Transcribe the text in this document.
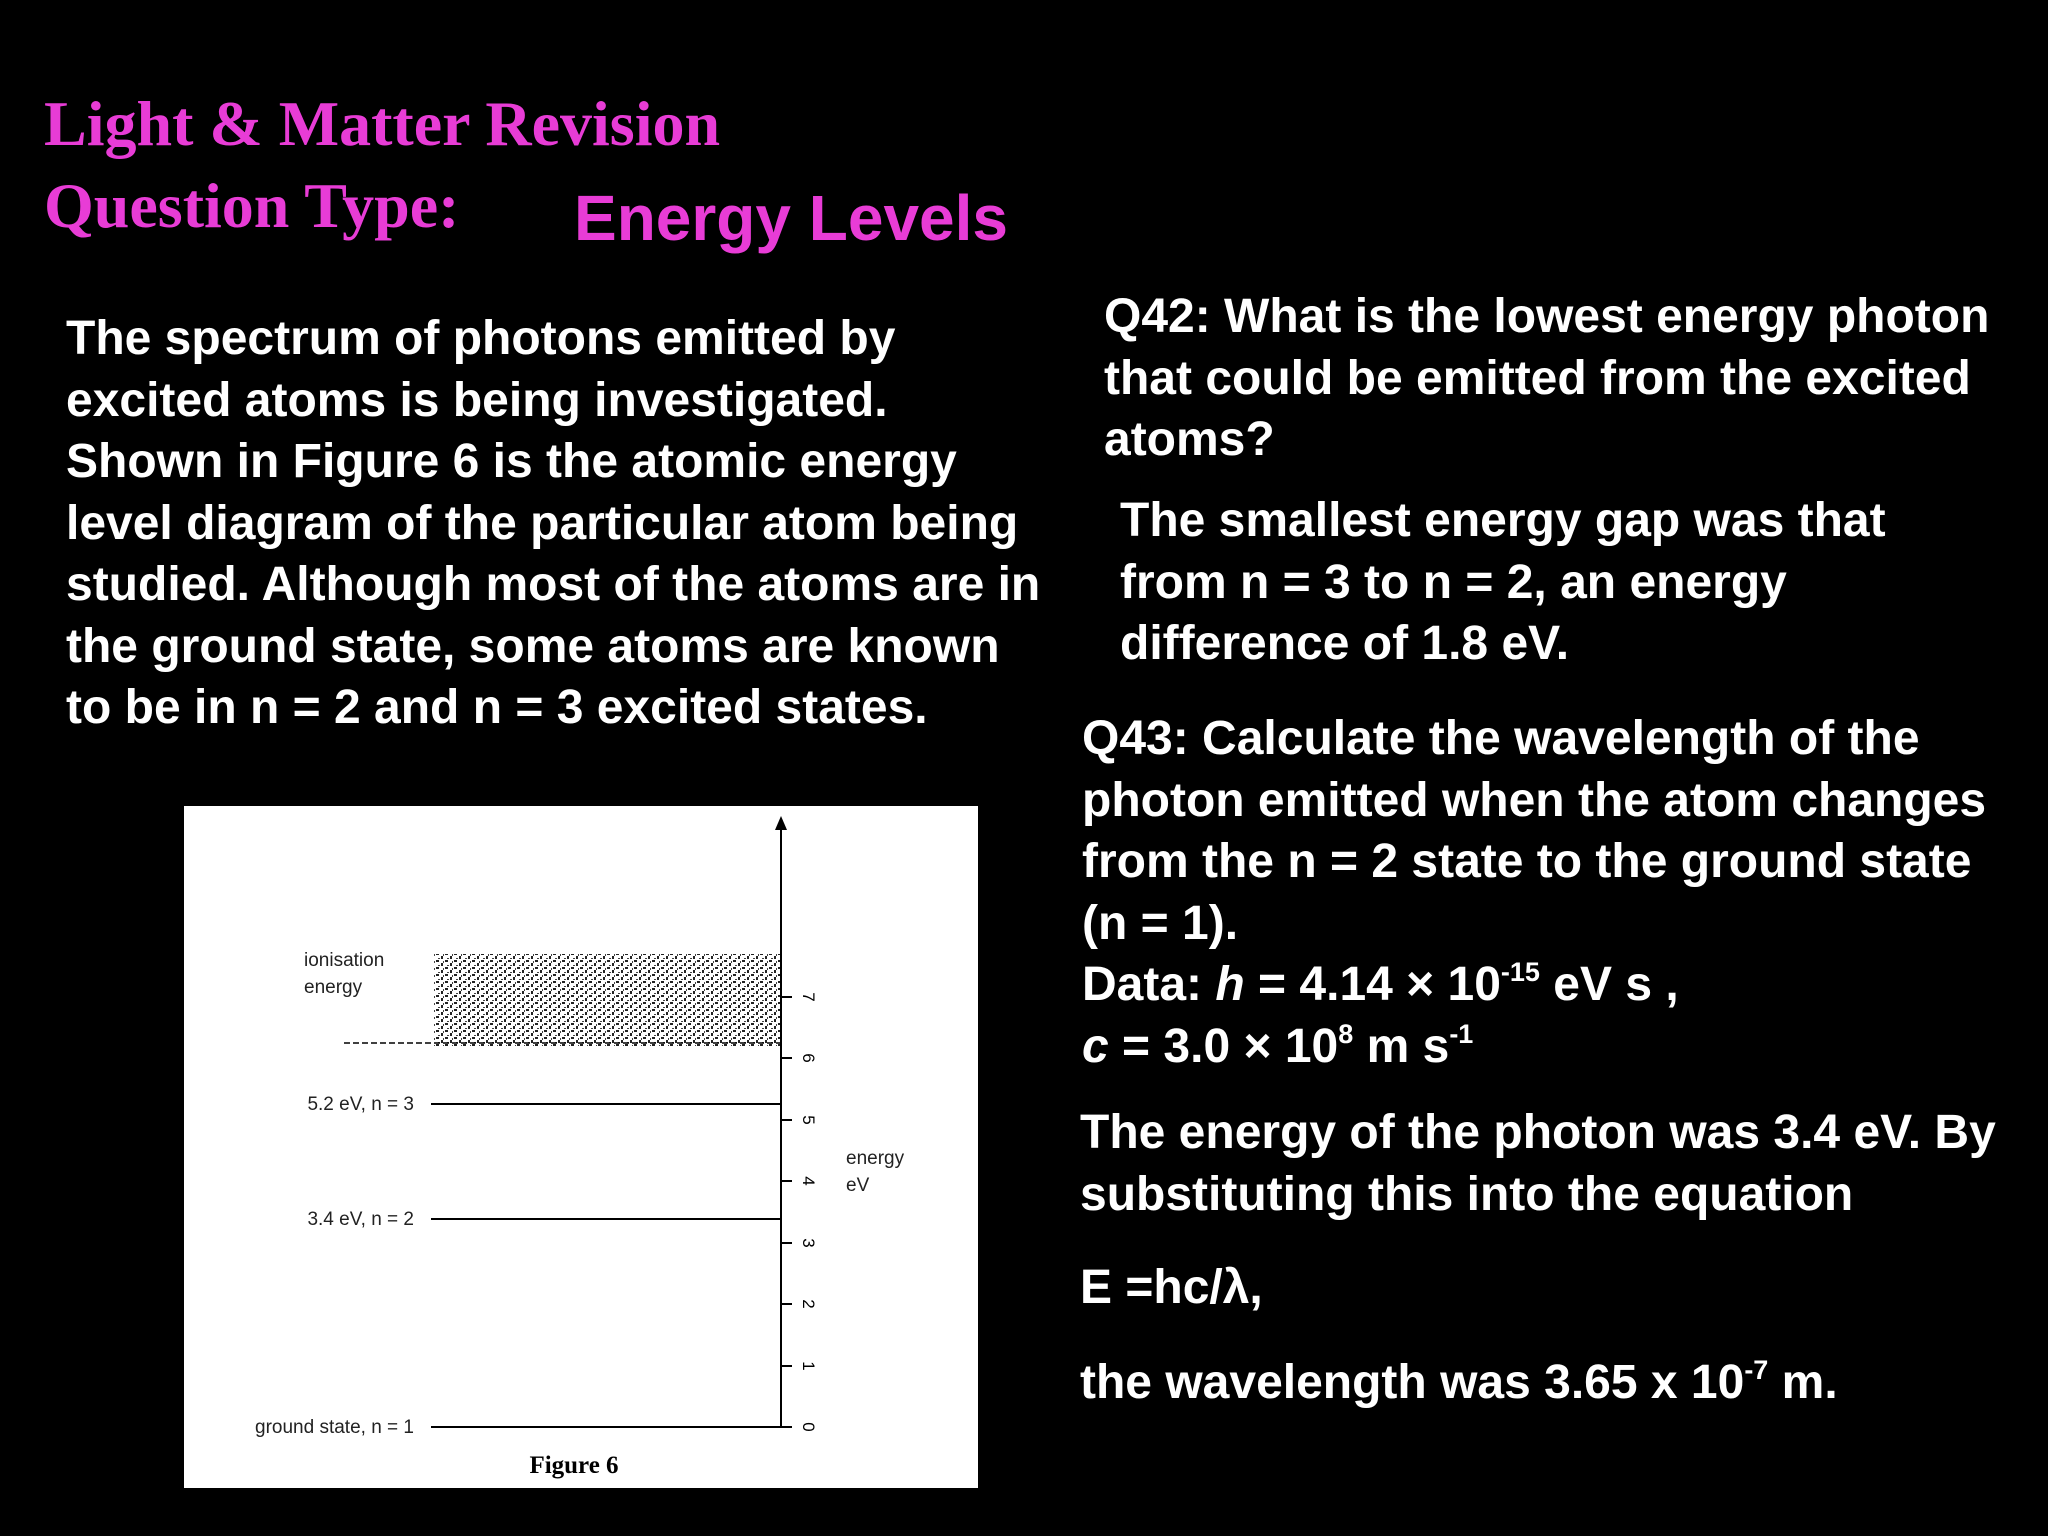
Light & Matter Revision
Question Type: Energy Levels

The spectrum of photons emitted by excited atoms is being investigated. Shown in Figure 6 is the atomic energy level diagram of the particular atom being studied. Although most of the atoms are in the ground state, some atoms are known to be in n = 2 and n = 3 excited states.

Q42: What is the lowest energy photon that could be emitted from the excited atoms?

The smallest energy gap was that from n = 3 to n = 2, an energy difference of 1.8 eV.

Q43: Calculate the wavelength of the photon emitted when the atom changes from the n = 2 state to the ground state (n = 1).
Data: $h = 4.14 \times 10^{-15}$ eV s ,
$c = 3.0 \times 10^8$ m $s^{-1}$

The energy of the photon was 3.4 eV. By substituting this into the equation

E =hc/λ,

the wavelength was 3.65 x $10^{-7}$ m.

0
1
2
3
4
5
6
7
ionisation
energy
5.2 eV, n = 3
3.4 eV, n = 2
ground state, n = 1
energy
eV
Figure 6
